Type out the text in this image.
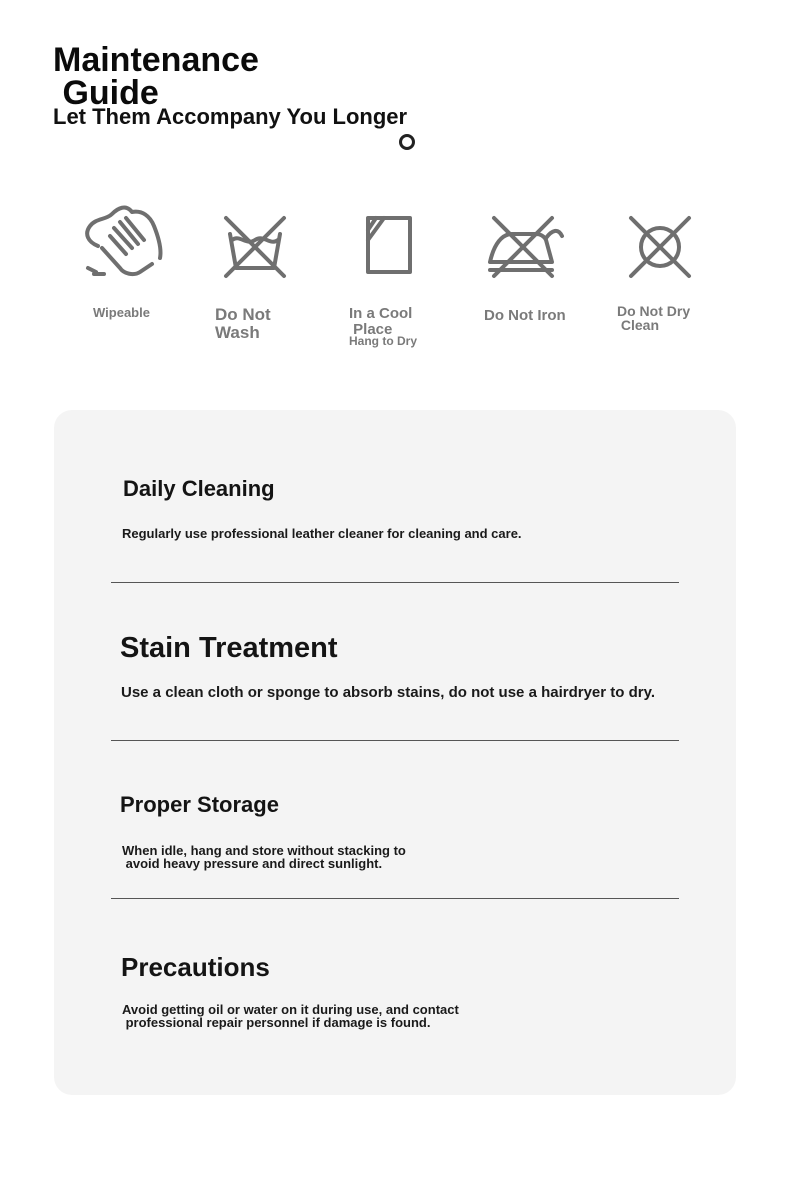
Maintenance
Guide
Let Them Accompany You Longer
Wipeable	Do Not
Wash
In a Cool
Place
Hang to Dry
Do Not Iron	Do Not Dry
Clean
Daily Cleaning
Regularly use professional leather cleaner for cleaning and care.
Stain Treatment
Use a clean cloth or sponge to absorb stains, do not use a hairdryer to dry.
Proper Storage
When idle, hang and store without stacking to
avoid heavy pressure and direct sunlight.
Precautions
Avoid getting oil or water on it during use, and contact
professional repair personnel if damage is found.
